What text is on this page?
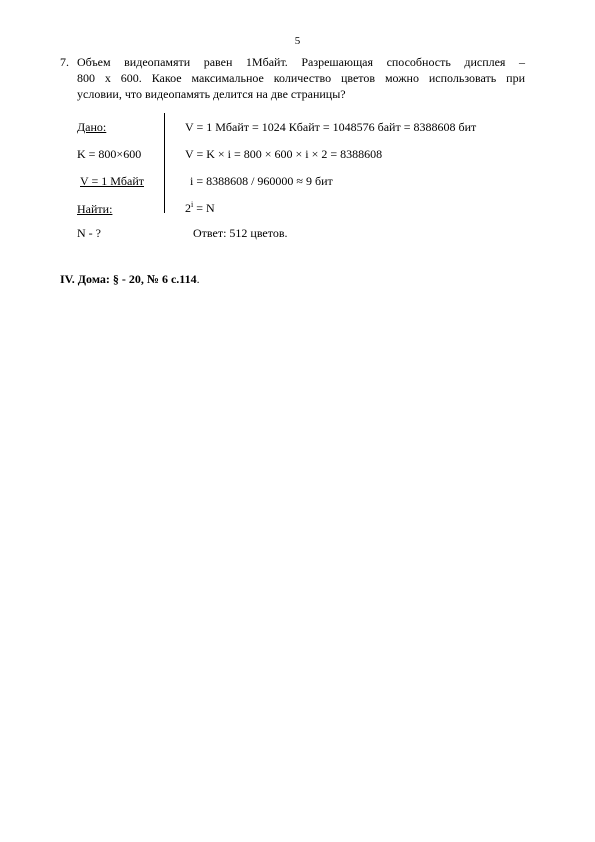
5
7. Объем видеопамяти равен 1Мбайт. Разрешающая способность дисплея –
800 х 600. Какое максимальное количество цветов можно использовать при
условии, что видеопамять делится на две страницы?
Дано:
K = 800×600
V = 1 Мбайт
Найти:
N - ?
V = 1 Мбайт = 1024 Кбайт = 1048576 байт = 8388608 бит
V = K × i = 800 × 600 × i × 2 = 8388608
i = 8388608 / 960000 ≈ 9 бит
$2^i = N$
Ответ: 512 цветов.
IV. Дома: § - 20, № 6 с.114.
